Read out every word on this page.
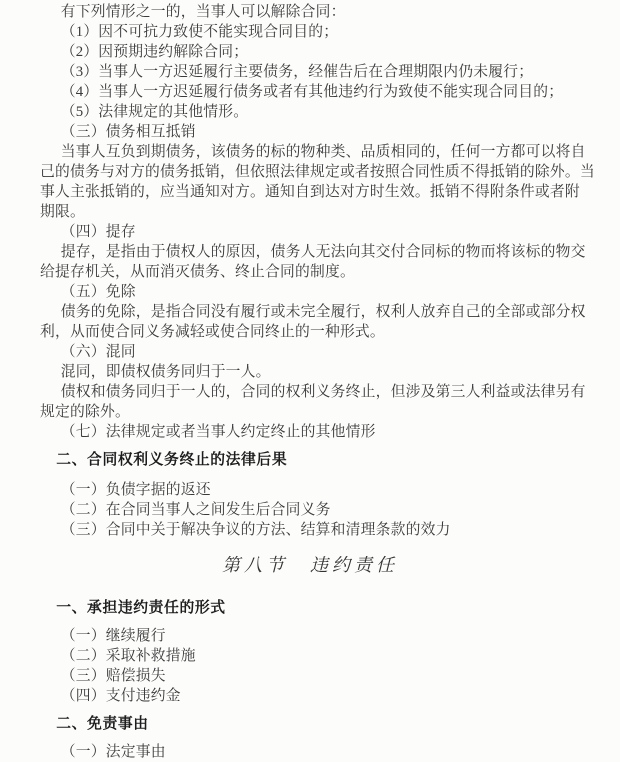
有下列情形之一的，当事人可以解除合同：
（1）因不可抗力致使不能实现合同目的；
（2）因预期违约解除合同；
（3）当事人一方迟延履行主要债务，经催告后在合理期限内仍未履行；
（4）当事人一方迟延履行债务或者有其他违约行为致使不能实现合同目的；
（5）法律规定的其他情形。
（三）债务相互抵销
当事人互负到期债务，该债务的标的物种类、品质相同的，任何一方都可以将自
己的债务与对方的债务抵销，但依照法律规定或者按照合同性质不得抵销的除外。当
事人主张抵销的，应当通知对方。通知自到达对方时生效。抵销不得附条件或者附
期限。
（四）提存
提存，是指由于债权人的原因，债务人无法向其交付合同标的物而将该标的物交
给提存机关，从而消灭债务、终止合同的制度。
（五）免除
债务的免除，是指合同没有履行或未完全履行，权利人放弃自己的全部或部分权
利，从而使合同义务减轻或使合同终止的一种形式。
（六）混同
混同，即债权债务同归于一人。
债权和债务同归于一人的，合同的权利义务终止，但涉及第三人利益或法律另有
规定的除外。
（七）法律规定或者当事人约定终止的其他情形
二、合同权利义务终止的法律后果
（一）负债字据的返还
（二）在合同当事人之间发生后合同义务
（三）合同中关于解决争议的方法、结算和清理条款的效力
第八节　违约责任
一、承担违约责任的形式
（一）继续履行
（二）采取补救措施
（三）赔偿损失
（四）支付违约金
二、免责事由
（一）法定事由
